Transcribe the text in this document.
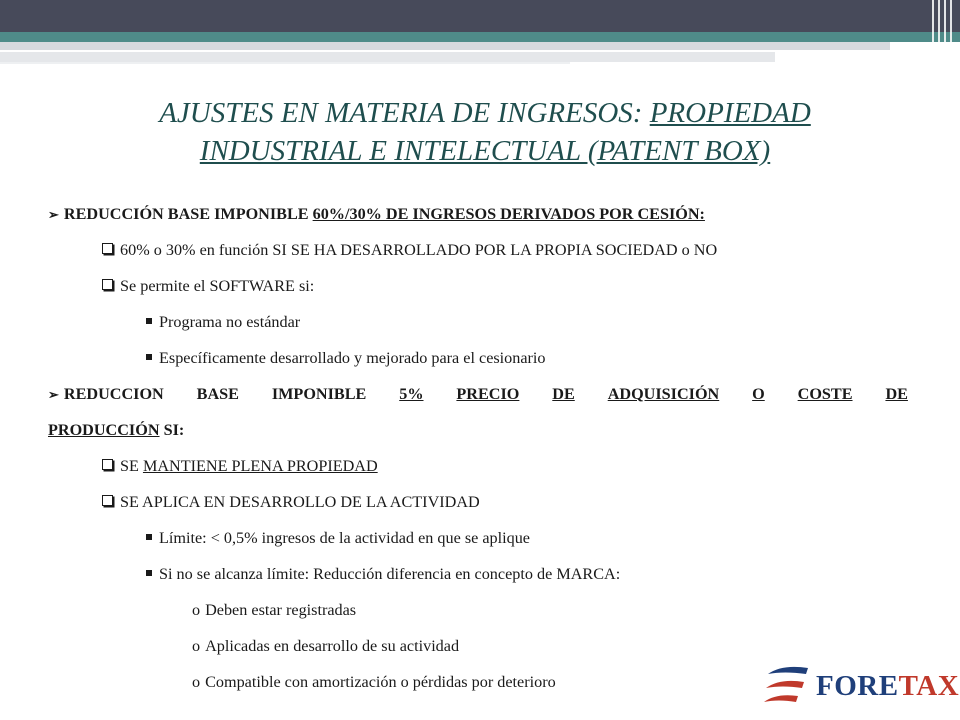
AJUSTES EN MATERIA DE INGRESOS: PROPIEDAD
INDUSTRIAL E INTELECTUAL (PATENT BOX)
➢ REDUCCIÓN BASE IMPONIBLE 60%/30% DE INGRESOS DERIVADOS POR CESIÓN:
60% o 30% en función SI SE HA DESARROLLADO POR LA PROPIA SOCIEDAD o NO
Se permite el SOFTWARE si:
Programa no estándar
Específicamente desarrollado y mejorado para el cesionario
➢ REDUCCION BASE IMPONIBLE 5% PRECIO DE ADQUISICIÓN O COSTE DE
PRODUCCIÓN SI:
SE MANTIENE PLENA PROPIEDAD
SE APLICA EN DESARROLLO DE LA ACTIVIDAD
Límite: < 0,5% ingresos de la actividad en que se aplique
Si no se alcanza límite: Reducción diferencia en concepto de MARCA:
o Deben estar registradas
o Aplicadas en desarrollo de su actividad
o Compatible con amortización o pérdidas por deterioro	FORETAX
